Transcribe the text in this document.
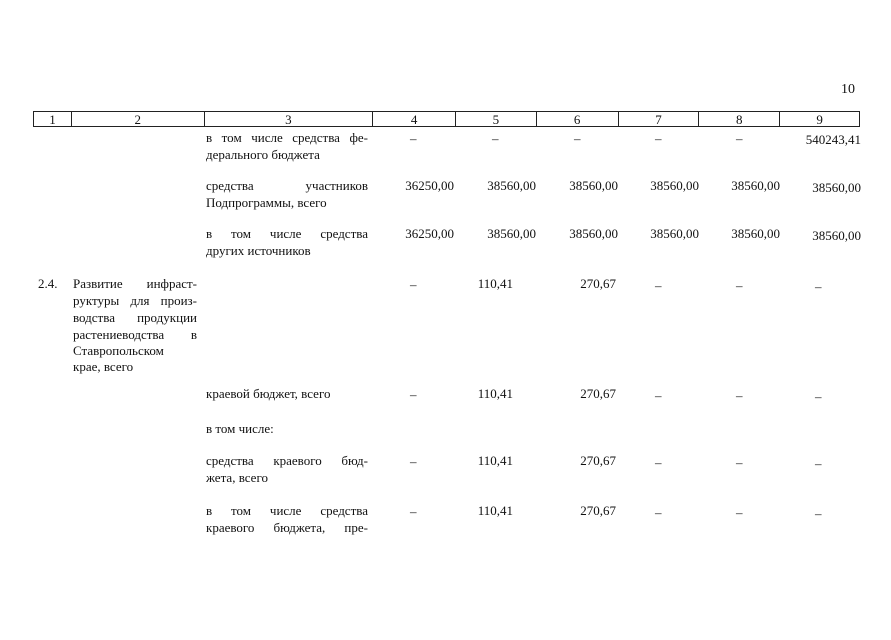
10
1	2	3	4	5	6	7	8	9
в том числе средства фе-
дерального бюджета
–	–	–	–	–	540243,41
средства участников
Подпрограммы, всего
36250,00	38560,00	38560,00 38560,00 38560,00 38560,00
в том числе средства
других источников
36250,00	38560,00	38560,00 38560,00 38560,00 38560,00
2.4. Развитие инфраст-
руктуры для произ-
водства продукции
растениеводства в
Ставропольском
крае, всего
–	110,41	270,67	–	–	–
краевой бюджет, всего	–	110,41	270,67	–	–	–
в том числе:
средства краевого бюд-
жета, всего
–	110,41	270,67	–	–	–
в том числе средства
краевого бюджета, пре-
–	110,41	270,67	–	–	–
